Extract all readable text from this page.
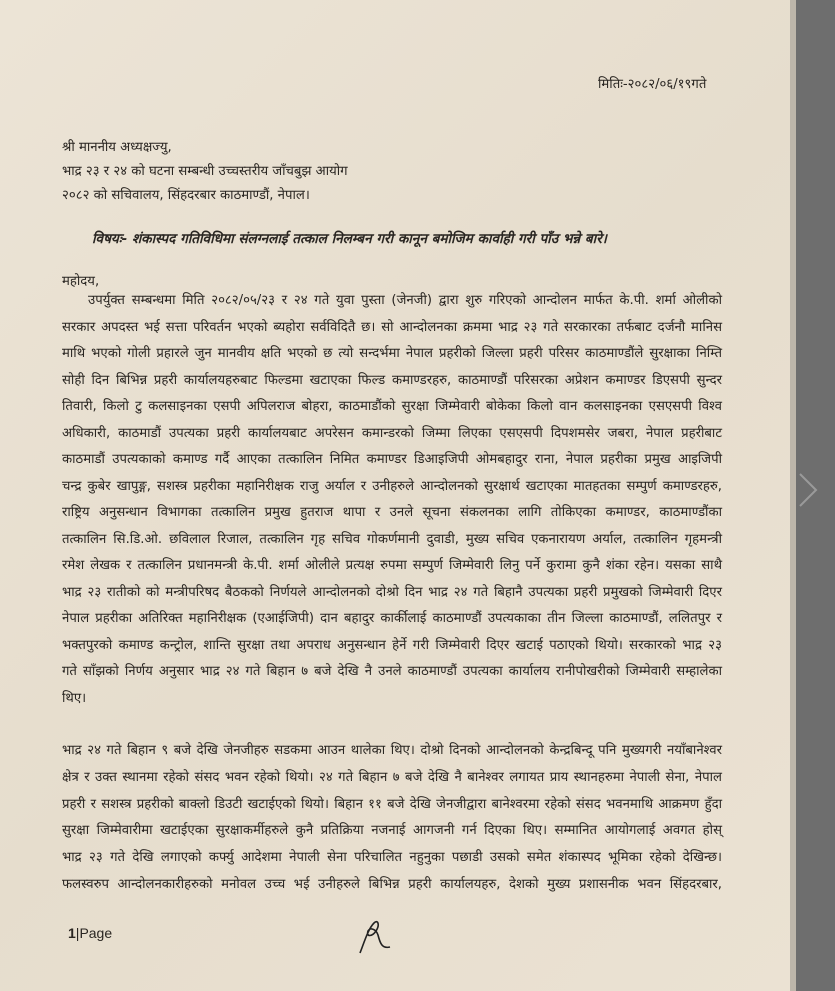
मितिः-२०८२/०६/१९गते
श्री माननीय अध्यक्षज्यु,
भाद्र २३ र २४ को घटना सम्बन्धी उच्चस्तरीय जाँचबुझ आयोग
२०८२ को सचिवालय, सिंहदरबार काठमाण्डौं, नेपाल।
विषयः- शंकास्पद गतिविधिमा संलग्नलाई तत्काल निलम्बन गरी कानून बमोजिम कार्वाही गरी पाँउ भन्ने बारे।
महोदय,
उपर्युक्त सम्बन्धमा मिति २०८२/०५/२३ र २४ गते युवा पुस्ता (जेनजी) द्वारा शुरु गरिएको आन्दोलन मार्फत के.पी. शर्मा ओलीको
सरकार अपदस्त भई सत्ता परिवर्तन भएको ब्यहोरा सर्वविदितै छ। सो आन्दोलनका क्रममा भाद्र २३ गते सरकारका तर्फबाट दर्जनौ मानिस
माथि भएको गोली प्रहारले जुन मानवीय क्षति भएको छ त्यो सन्दर्भमा नेपाल प्रहरीको जिल्ला प्रहरी परिसर काठमाण्डौंले सुरक्षाका निम्ति
सोही दिन बिभिन्न प्रहरी कार्यालयहरुबाट फिल्डमा खटाएका फिल्ड कमाण्डरहरु, काठमाण्डौं परिसरका अप्रेशन कमाण्डर डिएसपी सुन्दर
तिवारी, किलो टु कलसाइनका एसपी अपिलराज बोहरा, काठमाडौंको सुरक्षा जिम्मेवारी बोकेका किलो वान कलसाइनका एसएसपी विश्व
अधिकारी, काठमाडौं उपत्यका प्रहरी कार्यालयबाट अपरेसन कमान्डरको जिम्मा लिएका एसएसपी दिपशमसेर जबरा, नेपाल प्रहरीबाट
काठमाडौं उपत्यकाको कमाण्ड गर्दै आएका तत्कालिन निमित कमाण्डर डिआइजिपी ओमबहादुर राना, नेपाल प्रहरीका प्रमुख आइजिपी
चन्द्र कुबेर खापुङ्ग, सशस्त्र प्रहरीका महानिरीक्षक राजु अर्याल र उनीहरुले आन्दोलनको सुरक्षार्थ खटाएका मातहतका सम्पुर्ण कमाण्डरहरु,
राष्ट्रिय अनुसन्धान विभागका तत्कालिन प्रमुख हुतराज थापा र उनले सूचना संकलनका लागि तोकिएका कमाण्डर, काठमाण्डौंका
तत्कालिन सि.डि.ओ. छविलाल रिजाल, तत्कालिन गृह सचिव गोकर्णमानी दुवाडी, मुख्य सचिव एकनारायण अर्याल, तत्कालिन गृहमन्त्री
रमेश लेखक र तत्कालिन प्रधानमन्त्री के.पी. शर्मा ओलीले प्रत्यक्ष रुपमा सम्पुर्ण जिम्मेवारी लिनु पर्ने कुरामा कुनै शंका रहेन। यसका साथै
भाद्र २३ रातीको को मन्त्रीपरिषद बैठकको निर्णयले आन्दोलनको दोश्रो दिन भाद्र २४ गते बिहानै उपत्यका प्रहरी प्रमुखको जिम्मेवारी दिएर
नेपाल प्रहरीका अतिरिक्त महानिरीक्षक (एआईजिपी) दान बहादुर कार्कीलाई काठमाण्डौं उपत्यकाका तीन जिल्ला काठमाण्डौं, ललितपुर र
भक्तपुरको कमाण्ड कन्ट्रोल, शान्ति सुरक्षा तथा अपराध अनुसन्धान हेर्ने गरी जिम्मेवारी दिएर खटाई पठाएको थियो। सरकारको भाद्र २३
गते साँझको निर्णय अनुसार भाद्र २४ गते बिहान ७ बजे देखि नै उनले काठमाण्डौं उपत्यका कार्यालय रानीपोखरीको जिम्मेवारी सम्हालेका
थिए।
भाद्र २४ गते बिहान ९ बजे देखि जेनजीहरु सडकमा आउन थालेका थिए। दोश्रो दिनको आन्दोलनको केन्द्रबिन्दू पनि मुख्यगरी नयाँबानेश्वर
क्षेत्र र उक्त स्थानमा रहेको संसद भवन रहेको थियो। २४ गते बिहान ७ बजे देखि नै बानेश्वर लगायत प्राय स्थानहरुमा नेपाली सेना, नेपाल
प्रहरी र सशस्त्र प्रहरीको बाक्लो डिउटी खटाईएको थियो। बिहान ११ बजे देखि जेनजीद्वारा बानेश्वरमा रहेको संसद भवनमाथि आक्रमण हुँदा
सुरक्षा जिम्मेवारीमा खटाईएका सुरक्षाकर्मीहरुले कुनै प्रतिक्रिया नजनाई आगजनी गर्न दिएका थिए। सम्मानित आयोगलाई अवगत होस्
भाद्र २३ गते देखि लगाएको कर्फ्यु आदेशमा नेपाली सेना परिचालित नहुनुका पछाडी उसको समेत शंकास्पद भूमिका रहेको देखिन्छ।
फलस्वरुप आन्दोलनकारीहरुको मनोवल उच्च भई उनीहरुले बिभिन्न प्रहरी कार्यालयहरु, देशको मुख्य प्रशासनीक भवन सिंहदरबार,
1|Page
